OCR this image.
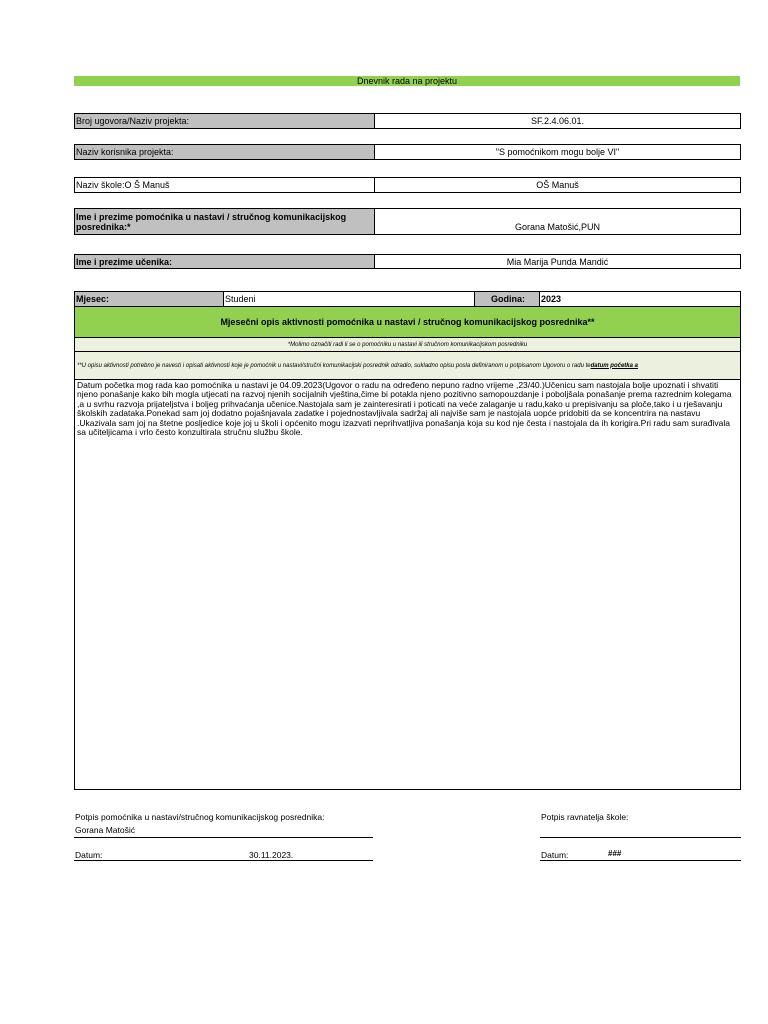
Dnevnik rada na projektu
Broj ugovora/Naziv projekta:	SF.2.4.06.01.
Naziv korisnika projekta:	"S pomoćnikom mogu bolje VI"
Naziv škole:O Š Manuš	OŠ Manuš
Ime i prezime pomoćnika u nastavi / stručnog komunikacijskog posrednika:*	Gorana Matošić,PUN
Ime i prezime učenika:	Mia Marija Punda Mandić
Mjesec:	Studeni	Godina:	2023
Mjesečni opis aktivnosti pomoćnika u nastavi / stručnog komunikacijskog posrednika**
*Molimo označiti radi li se o pomoćniku u nastavi ili stručnom komunikacijskom posredniku
**U opisu aktivnosti potrebno je navesti i opisati aktivnosti koje je pomoćnik u nastavi/stručni komunikacijski posrednik odradio, sukladno opisu posla definiranom u potpisanom Ugovoru o radu te datum početka a
Datum početka mog rada kao pomoćnika u nastavi je 04.09.2023(Ugovor o radu na određeno nepuno radno vrijeme ,23/40.)Učenicu sam nastojala bolje upoznati i shvatiti njeno ponašanje kako bih mogla utjecati na razvoj njenih socijalnih vještina,čime bi potakla njeno pozitivno samopouzdanje i poboljšala ponašanje prema razrednim kolegama ,a u svrhu razvoja prijateljstva i boljeg prihvaćanja učenice.Nastojala sam je zainteresirati i poticati na veće zalaganje u radu,kako u prepisivanju sa ploče,tako i u rješavanju školskih zadataka.Ponekad sam joj dodatno pojašnjavala zadatke i pojednostavljivala sadržaj ali najviše sam je nastojala uopće pridobiti da se koncentrira na nastavu .Ukazivala sam joj na štetne posljedice koje joj u školi i općenito mogu izazvati neprihvatljiva ponašanja koja su kod nje česta i nastojala da ih korigira.Pri radu sam surađivala sa učiteljicama i vrlo često konzultirala stručnu službu škole.
Potpis pomoćnika u nastavi/stručnog komunikacijskog posrednika:
Gorana Matošić
Potpis ravnatelja škole:
Datum:	30.11.2023.	Datum:	###
